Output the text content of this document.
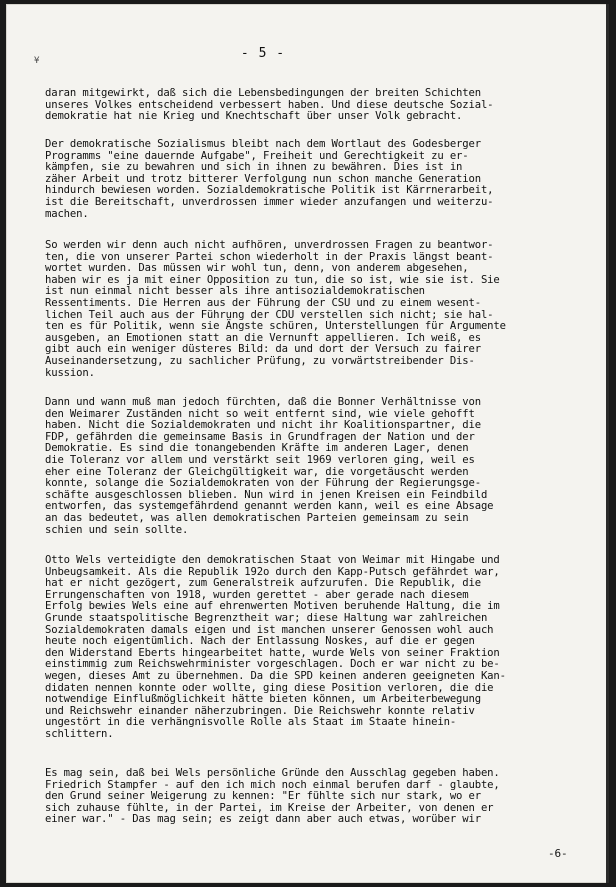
¥	- 5 -

daran mitgewirkt, daß sich die Lebensbedingungen der breiten Schichten
unseres Volkes entscheidend verbessert haben. Und diese deutsche Sozial-
demokratie hat nie Krieg und Knechtschaft über unser Volk gebracht.

Der demokratische Sozialismus bleibt nach dem Wortlaut des Godesberger
Programms "eine dauernde Aufgabe", Freiheit und Gerechtigkeit zu er-
kämpfen, sie zu bewahren und sich in ihnen zu bewähren. Dies ist in
zäher Arbeit und trotz bitterer Verfolgung nun schon manche Generation
hindurch bewiesen worden. Sozialdemokratische Politik ist Kärrnerarbeit,
ist die Bereitschaft, unverdrossen immer wieder anzufangen und weiterzu-
machen.

So werden wir denn auch nicht aufhören, unverdrossen Fragen zu beantwor-
ten, die von unserer Partei schon wiederholt in der Praxis längst beant-
wortet wurden. Das müssen wir wohl tun, denn, von anderem abgesehen,
haben wir es ja mit einer Opposition zu tun, die so ist, wie sie ist. Sie
ist nun einmal nicht besser als ihre antisozialdemokratischen
Ressentiments. Die Herren aus der Führung der CSU und zu einem wesent-
lichen Teil auch aus der Führung der CDU verstellen sich nicht; sie hal-
ten es für Politik, wenn sie Ängste schüren, Unterstellungen für Argumente
ausgeben, an Emotionen statt an die Vernunft appellieren. Ich weiß, es
gibt auch ein weniger düsteres Bild: da und dort der Versuch zu fairer
Auseinandersetzung, zu sachlicher Prüfung, zu vorwärtstreibender Dis-
kussion.

Dann und wann muß man jedoch fürchten, daß die Bonner Verhältnisse von
den Weimarer Zuständen nicht so weit entfernt sind, wie viele gehofft
haben. Nicht die Sozialdemokraten und nicht ihr Koalitionspartner, die
FDP, gefährden die gemeinsame Basis in Grundfragen der Nation und der
Demokratie. Es sind die tonangebenden Kräfte im anderen Lager, denen
die Toleranz vor allem und verstärkt seit 1969 verloren ging, weil es
eher eine Toleranz der Gleichgültigkeit war, die vorgetäuscht werden
konnte, solange die Sozialdemokraten von der Führung der Regierungsge-
schäfte ausgeschlossen blieben. Nun wird in jenen Kreisen ein Feindbild
entworfen, das systemgefährdend genannt werden kann, weil es eine Absage
an das bedeutet, was allen demokratischen Parteien gemeinsam zu sein
schien und sein sollte.

Otto Wels verteidigte den demokratischen Staat von Weimar mit Hingabe und
Unbeugsamkeit. Als die Republik 192o durch den Kapp-Putsch gefährdet war,
hat er nicht gezögert, zum Generalstreik aufzurufen. Die Republik, die
Errungenschaften von 1918, wurden gerettet - aber gerade nach diesem
Erfolg bewies Wels eine auf ehrenwerten Motiven beruhende Haltung, die im
Grunde staatspolitische Begrenztheit war; diese Haltung war zahlreichen
Sozialdemokraten damals eigen und ist manchen unserer Genossen wohl auch
heute noch eigentümlich. Nach der Entlassung Noskes, auf die er gegen
den Widerstand Eberts hingearbeitet hatte, wurde Wels von seiner Fraktion
einstimmig zum Reichswehrminister vorgeschlagen. Doch er war nicht zu be-
wegen, dieses Amt zu übernehmen. Da die SPD keinen anderen geeigneten Kan-
didaten nennen konnte oder wollte, ging diese Position verloren, die die
notwendige Einflußmöglichkeit hätte bieten können, um Arbeiterbewegung
und Reichswehr einander näherzubringen. Die Reichswehr konnte relativ
ungestört in die verhängnisvolle Rolle als Staat im Staate hinein-
schlittern.

Es mag sein, daß bei Wels persönliche Gründe den Ausschlag gegeben haben.
Friedrich Stampfer - auf den ich mich noch einmal berufen darf - glaubte,
den Grund seiner Weigerung zu kennen: "Er fühlte sich nur stark, wo er
sich zuhause fühlte, in der Partei, im Kreise der Arbeiter, von denen er
einer war." - Das mag sein; es zeigt dann aber auch etwas, worüber wir

-6-
